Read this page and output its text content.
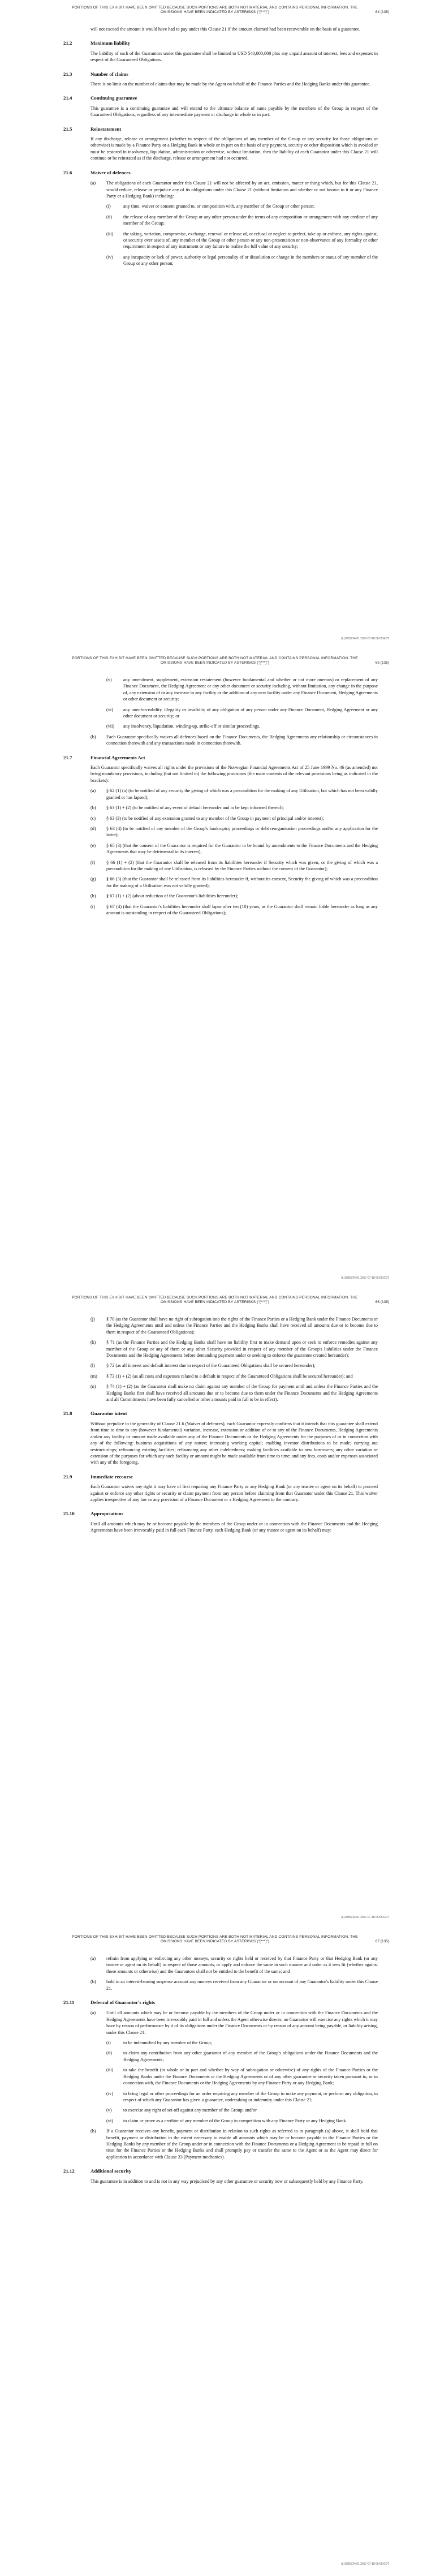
PORTIONS OF THIS EXHIBIT HAVE BEEN OMITTED BECAUSE SUCH PORTIONS ARE BOTH NOT MATERIAL AND CONTAINS PERSONAL INFORMATION. THE OMISSIONS HAVE BEEN INDICATED BY ASTERISKS ("[***]")	64 (135)
(L)1055734.01 2017-07-18 06:05 EDT
will not exceed the amount it would have had to pay under this Clause 21 if the amount claimed had been recoverable on the basis of a guarantee.
21.2	Maximum liability
The liability of each of the Guarantors under this guarantee shall be limited to USD 540,000,000 plus any unpaid amount of interest, fees and expenses in respect of the Guaranteed Obligations.
21.3	Number of claims
There is no limit on the number of claims that may be made by the Agent on behalf of the Finance Parties and the Hedging Banks under this guarantee.
21.4	Continuing guarantee
This guarantee is a continuing guarantee and will extend to the ultimate balance of sums payable by the members of the Group in respect of the Guaranteed Obligations, regardless of any intermediate payment or discharge in whole or in part.
21.5	Reinstatement
If any discharge, release or arrangement (whether in respect of the obligations of any member of the Group or any security for those obligations or otherwise) is made by a Finance Party or a Hedging Bank in whole or in part on the basis of any payment, security or other disposition which is avoided or must be restored in insolvency, liquidation, administration or otherwise, without limitation, then the liability of each Guarantor under this Clause 21 will continue or be reinstated as if the discharge, release or arrangement had not occurred.
21.6	Waiver of defences
(a)	The obligations of each Guarantor under this Clause 21 will not be affected by an act, omission, matter or thing which, but for this Clause 21, would reduce, release or prejudice any of its obligations under this Clause 21 (without limitation and whether or not known to it or any Finance Party or a Hedging Bank) including:
(i)	any time, waiver or consent granted to, or composition with, any member of the Group or other person;
(ii)	the release of any member of the Group or any other person under the terms of any composition or arrangement with any creditor of any member of the Group;
(iii)	the taking, variation, compromise, exchange, renewal or release of, or refusal or neglect to perfect, take up or enforce, any rights against, or security over assets of, any member of the Group or other person or any non-presentation or non-observance of any formality or other requirement in respect of any instrument or any failure to realise the full value of any security;
(iv)	any incapacity or lack of power, authority or legal personality of or dissolution or change in the members or status of any member of the Group or any other person;
PORTIONS OF THIS EXHIBIT HAVE BEEN OMITTED BECAUSE SUCH PORTIONS ARE BOTH NOT MATERIAL AND CONTAINS PERSONAL INFORMATION. THE OMISSIONS HAVE BEEN INDICATED BY ASTERISKS ("[***]")	65 (135)
(L)1055734.01 2017-07-18 06:05 EDT
(v)	any amendment, supplement, extension restatement (however fundamental and whether or not more onerous) or replacement of any Finance Document, the Hedging Agreement or any other document or security including, without limitation, any change in the purpose of, any extension of or any increase in any facility or the addition of any new facility under any Finance Document, Hedging Agreements or other document or security;
(vi)	any unenforceability, illegality or invalidity of any obligation of any person under any Finance Document, Hedging Agreement or any other document or security; or
(vii)	any insolvency, liquidation, winding-up, strike-off or similar proceedings.
(b)	Each Guarantor specifically waives all defences based on the Finance Documents, the Hedging Agreements any relationship or circumstances in connection therewith and any transactions made in connection therewith.
21.7	Financial Agreements Act
Each Guarantor specifically waives all rights under the provisions of the Norwegian Financial Agreements Act of 25 June 1999 No. 46 (as amended) not being mandatory provisions, including (but not limited to) the following provisions (the main contents of the relevant provisions being as indicated in the brackets):
(a)	§ 62 (1) (a) (to be notified of any security the giving of which was a precondition for the making of any Utilisation, but which has not been validly granted or has lapsed);
(b)	§ 63 (1) + (2) (to be notified of any event of default hereunder and to be kept informed thereof);
(c)	§ 63 (3) (to be notified of any extension granted to any member of the Group in payment of principal and/or interest);
(d)	§ 63 (4) (to be notified of any member of the Group's bankruptcy proceedings or debt reorganisation proceedings and/or any application for the latter);
(e)	§ 65 (3) (that the consent of the Guarantor is required for the Guarantor to be bound by amendments to the Finance Documents and the Hedging Agreements that may be detrimental to its interest);
(f)	§ 66 (1) + (2) (that the Guarantor shall be released from its liabilities hereunder if Security which was given, or the giving of which was a precondition for the making of any Utilisation, is released by the Finance Parties without the consent of the Guarantor);
(g)	§ 66 (3) (that the Guarantor shall be released from its liabilities hereunder if, without its consent, Security the giving of which was a precondition for the making of a Utilisation was not validly granted);
(h)	§ 67 (1) + (2) (about reduction of the Guarantor's liabilities hereunder);
(i)	§ 67 (4) (that the Guarantor's liabilities hereunder shall lapse after ten (10) years, as the Guarantor shall remain liable hereunder as long as any amount is outstanding in respect of the Guaranteed Obligations);
PORTIONS OF THIS EXHIBIT HAVE BEEN OMITTED BECAUSE SUCH PORTIONS ARE BOTH NOT MATERIAL AND CONTAINS PERSONAL INFORMATION. THE OMISSIONS HAVE BEEN INDICATED BY ASTERISKS ("[***]")	66 (135)
(L)1055734.01 2017-07-18 06:05 EDT
(j)	§ 70 (as the Guarantor shall have no right of subrogation into the rights of the Finance Parties or a Hedging Bank under the Finance Documents or the Hedging Agreements until and unless the Finance Parties and the Hedging Banks shall have received all amounts due or to become due to them in respect of the Guaranteed Obligations);
(k)	§ 71 (as the Finance Parties and the Hedging Banks shall have no liability first to make demand upon or seek to enforce remedies against any member of the Group or any of them or any other Security provided in respect of any member of the Group's liabilities under the Finance Documents and the Hedging Agreements before demanding payment under or seeking to enforce the guarantee created hereunder);
(l)	§ 72 (as all interest and default interest due in respect of the Guaranteed Obligations shall be secured hereunder);
(m)	§ 73 (1) + (2) (as all costs and expenses related to a default in respect of the Guaranteed Obligations shall be secured hereunder); and
(n)	§ 74 (1) + (2) (as the Guarantor shall make no claim against any member of the Group for payment until and unless the Finance Parties and the Hedging Banks first shall have received all amounts due or to become due to them under the Finance Documents and the Hedging Agreements and all Commitments have been fully cancelled or other amounts paid in full to be in effect).
21.8	Guarantor intent
Without prejudice to the generality of Clause 21.6 (Waiver of defences), each Guarantor expressly confirms that it intends that this guarantee shall extend from time to time to any (however fundamental) variation, increase, extension or addition of or to any of the Finance Documents, Hedging Agreements and/or any facility or amount made available under any of the Finance Documents or the Hedging Agreements for the purposes of or in connection with any of the following: business acquisitions of any nature; increasing working capital; enabling investor distributions to be made; carrying out restructurings; refinancing existing facilities; refinancing any other indebtedness; making facilities available to new borrowers; any other variation or extension of the purposes for which any such facility or amount might be made available from time to time; and any fees, costs and/or expenses associated with any of the foregoing.
21.9	Immediate recourse
Each Guarantor waives any right it may have of first requiring any Finance Party or any Hedging Bank (or any trustee or agent on its behalf) to proceed against or enforce any other rights or security or claim payment from any person before claiming from that Guarantor under this Clause 21. This waiver applies irrespective of any law or any provision of a Finance Document or a Hedging Agreement to the contrary.
21.10	Appropriations
Until all amounts which may be or become payable by the members of the Group under or in connection with the Finance Documents and the Hedging Agreements have been irrevocably paid in full each Finance Party, each Hedging Bank (or any trustee or agent on its behalf) may:
PORTIONS OF THIS EXHIBIT HAVE BEEN OMITTED BECAUSE SUCH PORTIONS ARE BOTH NOT MATERIAL AND CONTAINS PERSONAL INFORMATION. THE OMISSIONS HAVE BEEN INDICATED BY ASTERISKS ("[***]")	67 (135)
(L)1055734.01 2017-07-18 06:05 EDT
(a)	refrain from applying or enforcing any other moneys, security or rights held or received by that Finance Party or that Hedging Bank (or any trustee or agent on its behalf) in respect of those amounts, or apply and enforce the same in such manner and order as it sees fit (whether against those amounts or otherwise) and the Guarantors shall not be entitled to the benefit of the same; and
(b)	hold in an interest-bearing suspense account any moneys received from any Guarantor or on account of any Guarantor's liability under this Clause 21.
21.11	Deferral of Guarantor's rights
(a)	Until all amounts which may be or become payable by the members of the Group under or in connection with the Finance Documents and the Hedging Agreements have been irrevocably paid in full and unless the Agent otherwise directs, no Guarantor will exercise any rights which it may have by reason of performance by it of its obligations under the Finance Documents or by reason of any amount being payable, or liability arising, under this Clause 21:
(i)	to be indemnified by any member of the Group;
(ii)	to claim any contribution from any other guarantor of any member of the Group's obligations under the Finance Documents and the Hedging Agreements;
(iii)	to take the benefit (in whole or in part and whether by way of subrogation or otherwise) of any rights of the Finance Parties or the Hedging Banks under the Finance Documents or the Hedging Agreements or of any other guarantee or security taken pursuant to, or in connection with, the Finance Documents or the Hedging Agreements by any Finance Party or any Hedging Bank;
(iv)	to bring legal or other proceedings for an order requiring any member of the Group to make any payment, or perform any obligation, in respect of which any Guarantor has given a guarantee, undertaking or indemnity under this Clause 21;
(v)	to exercise any right of set-off against any member of the Group; and/or
(vi)	to claim or prove as a creditor of any member of the Group in competition with any Finance Party or any Hedging Bank.
(b)	If a Guarantor receives any benefit, payment or distribution in relation to such rights as referred to in paragraph (a) above, it shall hold that benefit, payment or distribution to the extent necessary to enable all amounts which may be or become payable to the Finance Parties or the Hedging Banks by any member of the Group under or in connection with the Finance Documents or a Hedging Agreement to be repaid in full on trust for the Finance Parties or the Hedging Banks and shall promptly pay or transfer the same to the Agent or as the Agent may direct for application in accordance with Clause 33 (Payment mechanics).
21.12	Additional security
This guarantee is in addition to and is not in any way prejudiced by any other guarantee or security now or subsequently held by any Finance Party.
